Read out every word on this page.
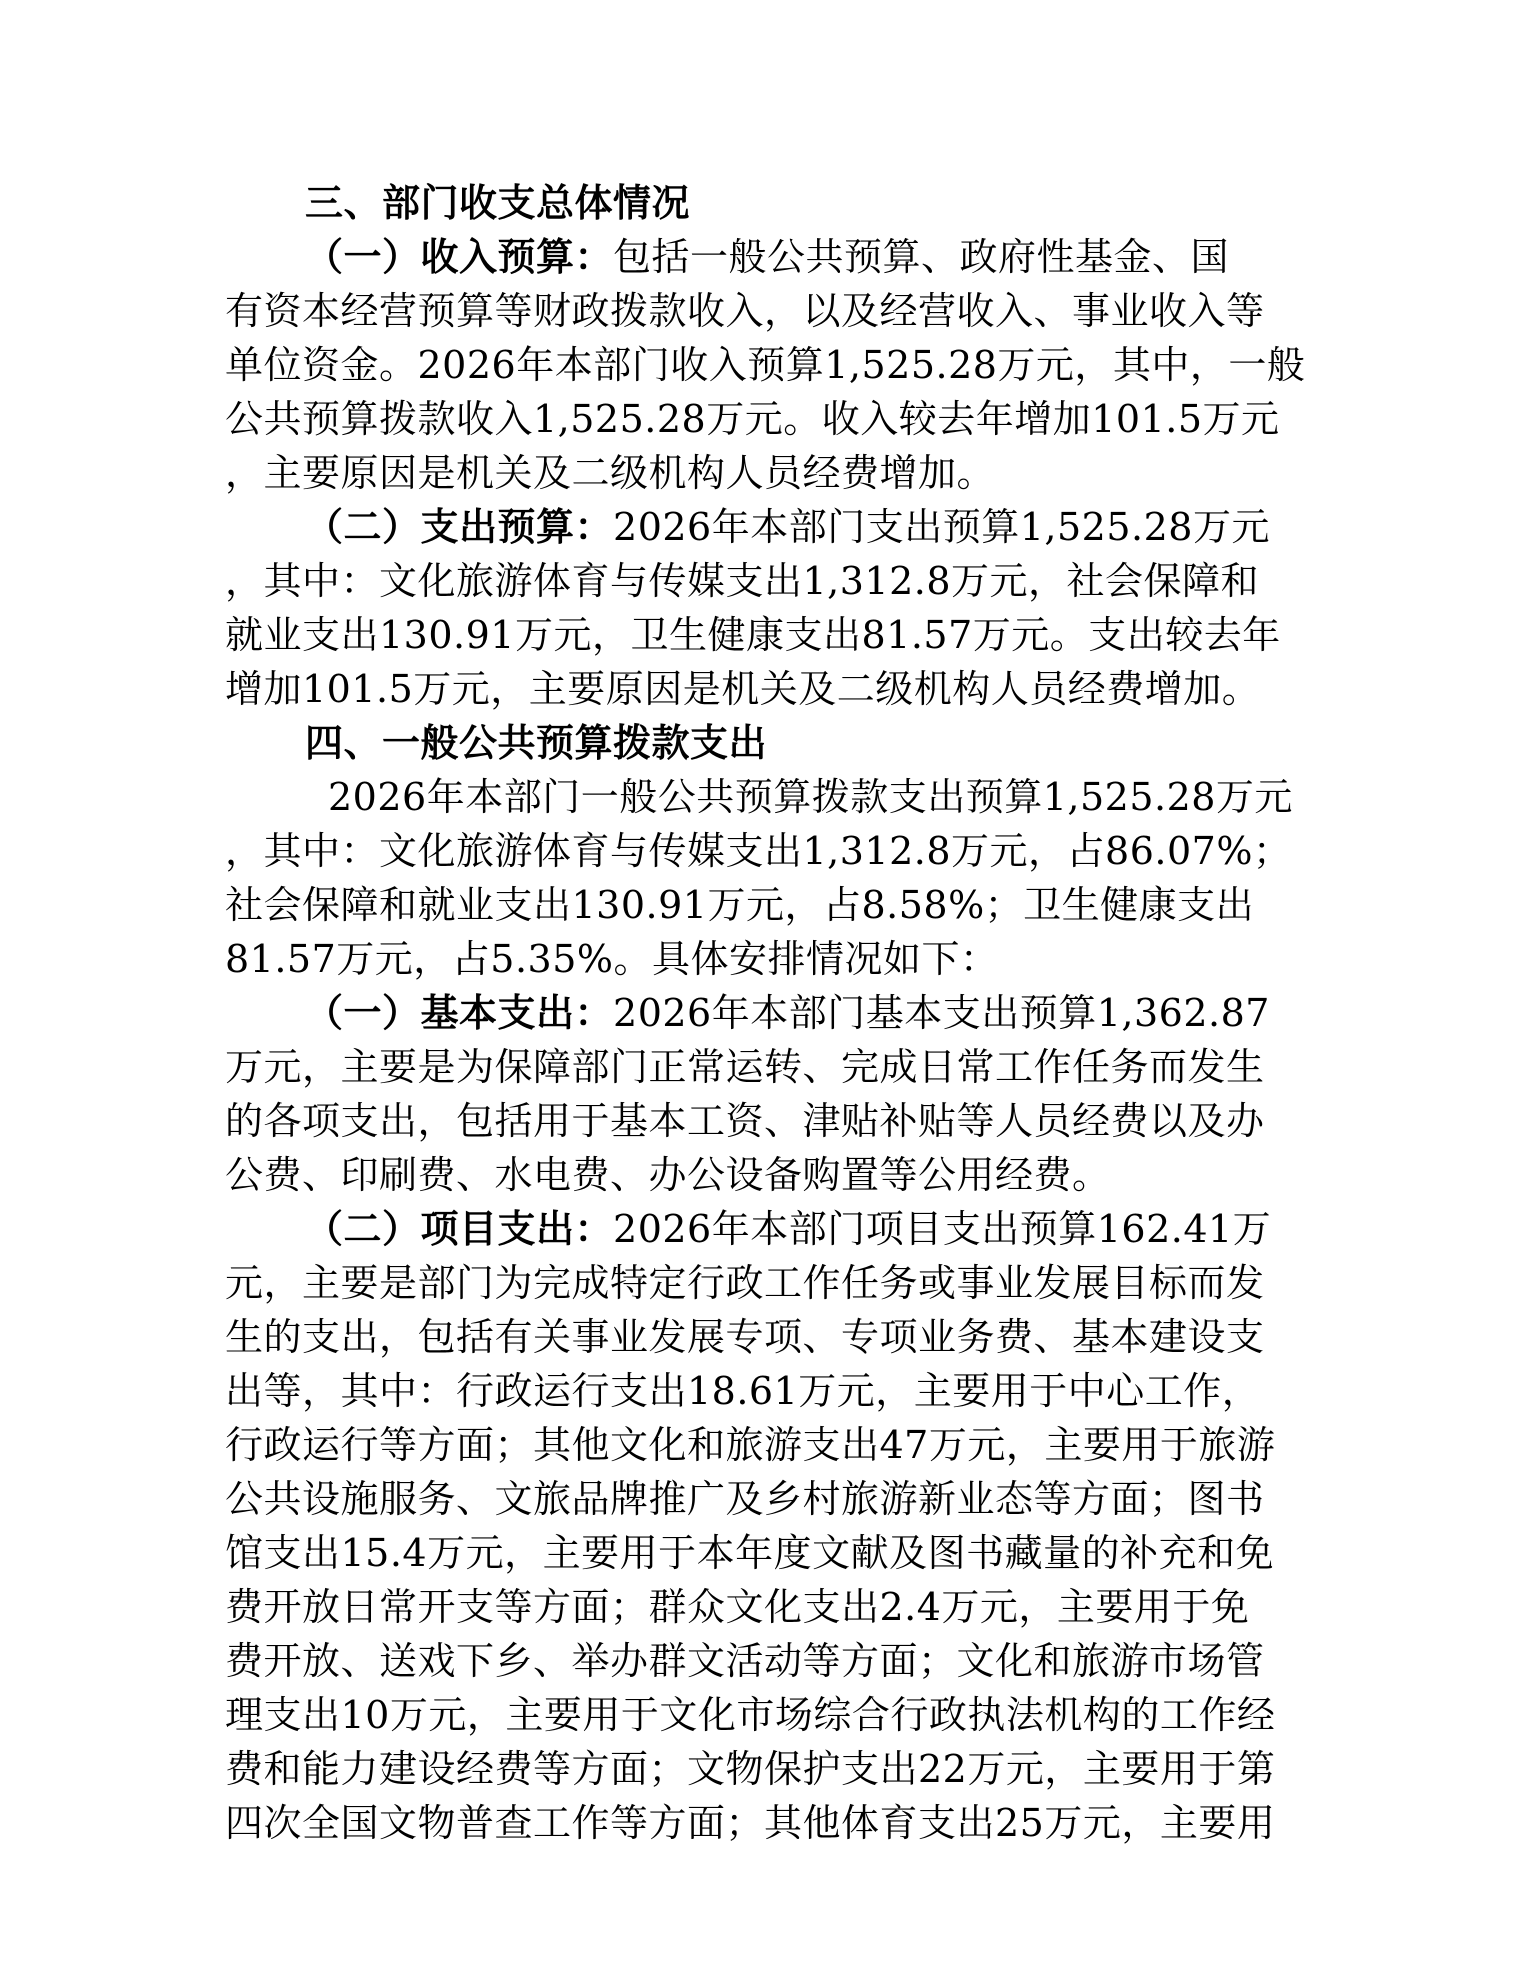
三、部门收支总体情况
（一）收入预算：包括一般公共预算、政府性基金、国
有资本经营预算等财政拨款收入，以及经营收入、事业收入等
单位资金。2026年本部门收入预算1,525.28万元，其中，一般
公共预算拨款收入1,525.28万元。收入较去年增加101.5万元
，主要原因是机关及二级机构人员经费增加。
（二）支出预算：2026年本部门支出预算1,525.28万元
，其中：文化旅游体育与传媒支出1,312.8万元，社会保障和
就业支出130.91万元，卫生健康支出81.57万元。支出较去年
增加101.5万元，主要原因是机关及二级机构人员经费增加。
四、一般公共预算拨款支出
2026年本部门一般公共预算拨款支出预算1,525.28万元
，其中：文化旅游体育与传媒支出1,312.8万元，占86.07%；
社会保障和就业支出130.91万元，占8.58%；卫生健康支出
81.57万元，占5.35%。具体安排情况如下：
（一）基本支出：2026年本部门基本支出预算1,362.87
万元，主要是为保障部门正常运转、完成日常工作任务而发生
的各项支出，包括用于基本工资、津贴补贴等人员经费以及办
公费、印刷费、水电费、办公设备购置等公用经费。
（二）项目支出：2026年本部门项目支出预算162.41万
元，主要是部门为完成特定行政工作任务或事业发展目标而发
生的支出，包括有关事业发展专项、专项业务费、基本建设支
出等，其中：行政运行支出18.61万元，主要用于中心工作，
行政运行等方面；其他文化和旅游支出47万元，主要用于旅游
公共设施服务、文旅品牌推广及乡村旅游新业态等方面；图书
馆支出15.4万元，主要用于本年度文献及图书藏量的补充和免
费开放日常开支等方面；群众文化支出2.4万元，主要用于免
费开放、送戏下乡、举办群文活动等方面；文化和旅游市场管
理支出10万元，主要用于文化市场综合行政执法机构的工作经
费和能力建设经费等方面；文物保护支出22万元，主要用于第
四次全国文物普查工作等方面；其他体育支出25万元，主要用
